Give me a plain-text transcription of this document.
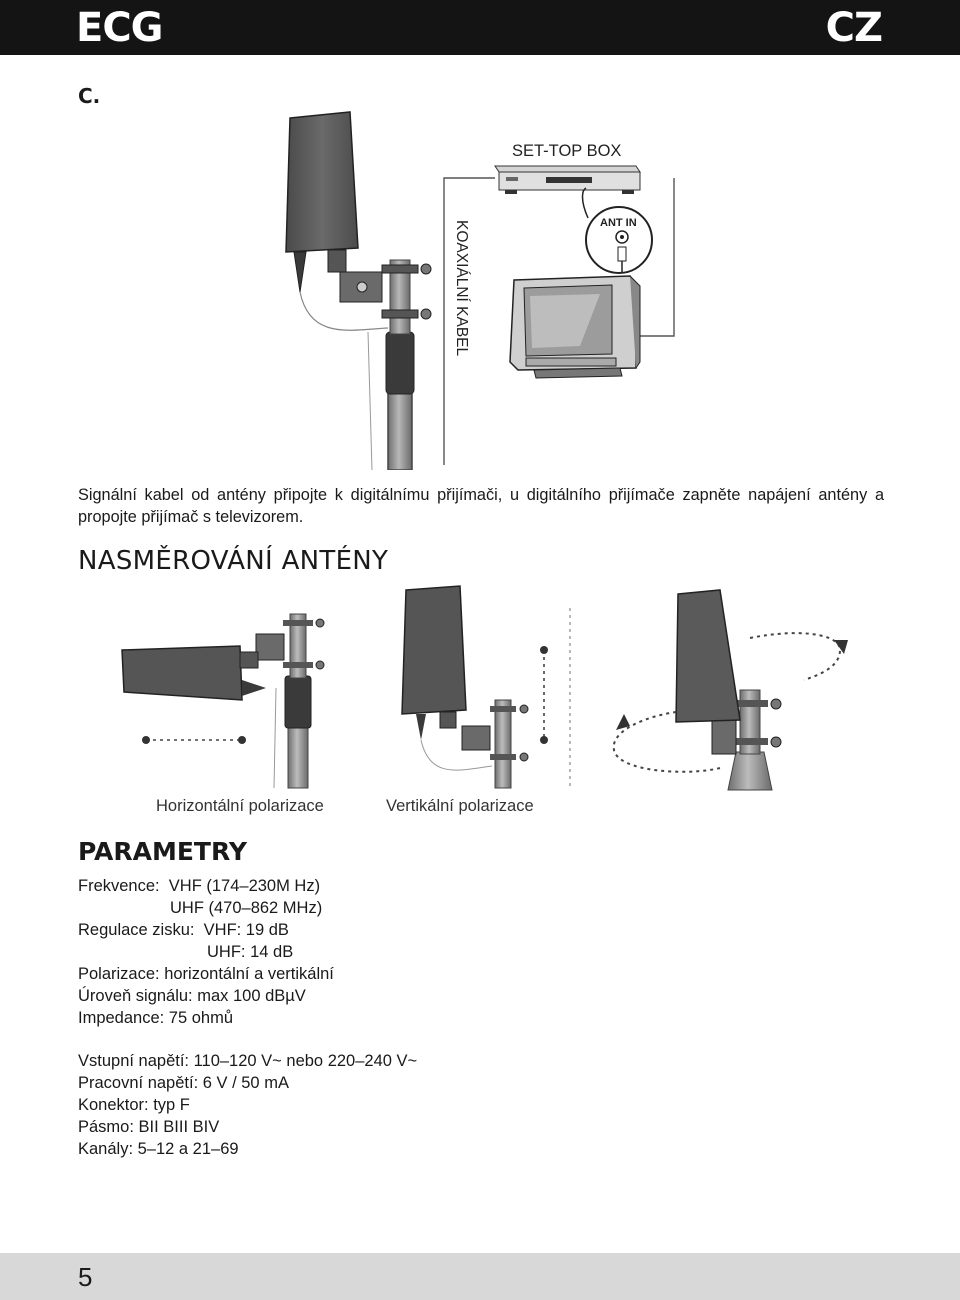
ECG	CZ
C.
KOAXIÁLNÍ KABEL
SET-TOP BOX
ANT IN
Signální kabel od antény připojte k digitálnímu přijímači, u digitálního přijímače zapněte napájení antény a propojte přijímač s televizorem.
NASMĚROVÁNÍ ANTÉNY
Horizontální polarizace	Vertikální polarizace
PARAMETRY
Frekvence:  VHF (174–230M Hz)
UHF (470–862 MHz)
Regulace zisku:  VHF: 19 dB
UHF: 14 dB
Polarizace: horizontální a vertikální
Úroveň signálu: max 100 dBµV
Impedance: 75 ohmů
Vstupní napětí: 110–120 V~ nebo 220–240 V~
Pracovní napětí: 6 V / 50 mA
Konektor: typ F
Pásmo: BII BIII BIV
Kanály: 5–12 a 21–69
5
